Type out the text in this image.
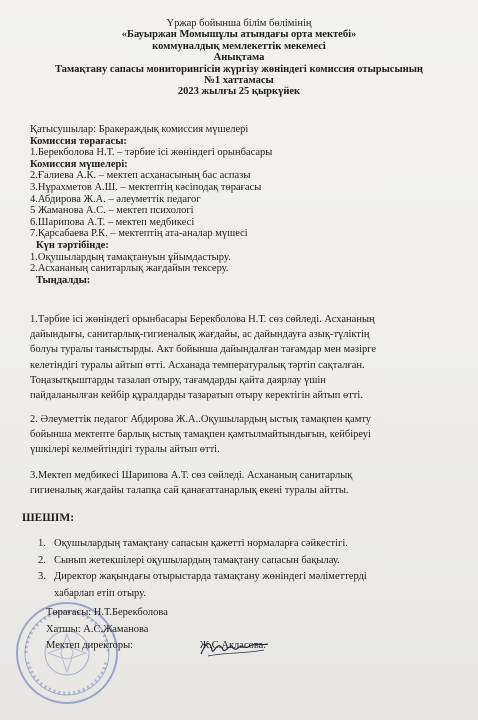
Үржар бойынша білім бөлімінің
«Бауыржан Момышұлы атындағы орта мектебі»
коммуналдық мемлекеттік мекемесі
Анықтама
Тамақтану сапасы мониторингісін жүргізу жөніндегі комиссия отырысының
№1 хаттамасы
2023 жылғы 25 қыркүйек
Қатысушылар: Бракераждық комиссия мүшелері
Комиссия төрағасы:
1.Берекболова Н.Т. – тәрбие ісі жөніндегі орынбасары
Комиссия мүшелері:
2.Ғалиева А.К. – мектеп асханасының бас аспазы
3.Нұрахметов А.Ш. – мектептің кәсіподақ төрағасы
4.Абдирова Ж.А. – әлеуметтік педагог
5 Жаманова А.С. – мектеп психологі
6.Шарипова А.Т. – мектеп медбикесі
7.Қарсабаева Р.К. – мектептің ата-аналар мүшесі
Күн тәртібінде:
1.Оқушылардың тамақтануын ұйымдастыру.
2.Асхананың санитарлық жағдайын тексеру.
Тыңдалды:
1.Тәрбие ісі жөніндегі орынбасары Берекболова Н.Т. сөз сөйледі. Асхананың
дайындығы, санитарлық-гигиеналық жағдайы, ас дайындауға азық-түліктің
болуы туралы таныстырды. Акт бойынша дайындалған тағамдар мен мәзірге
келетіндігі туралы айтып өтті. Асханада температуралық тәртіп сақталған.
Тоңазытқыштарды тазалап отыру, тағамдарды қайта даярлау үшін
пайдаланылған кейбір құралдарды тазаратып отыру керектігін айтып өтті.
2. Әлеуметтік педагог Абдирова Ж.А..Оқушылардың ыстық тамақпен қамту
бойынша мектепте барлық ыстық тамақпен қамтылмайтындығын, кейбіреуі
үшкілері келмейтіндігі туралы айтып өтті.
3.Мектеп медбикесі Шарипова А.Т. сөз сөйледі. Асхананың санитарлық
гигиеналық жағдайы талапқа сай қанағаттанарлық екені туралы айтты.
ШЕШІМ:
1. Оқушылардың тамақтану сапасын қажетті нормаларға сәйкестігі.
2. Сынып жетекшілері оқушылардың тамақтану сапасын бақылау.
3. Директор жақындағы отырыстарда тамақтану жөніндегі мәліметтерді
хабарлап етіп отыру.
Төрағасы: Н.Т.Берекболова
Хатшы: А.С.Жаманова
Мектеп директоры:	Ж.С.Акласова.
